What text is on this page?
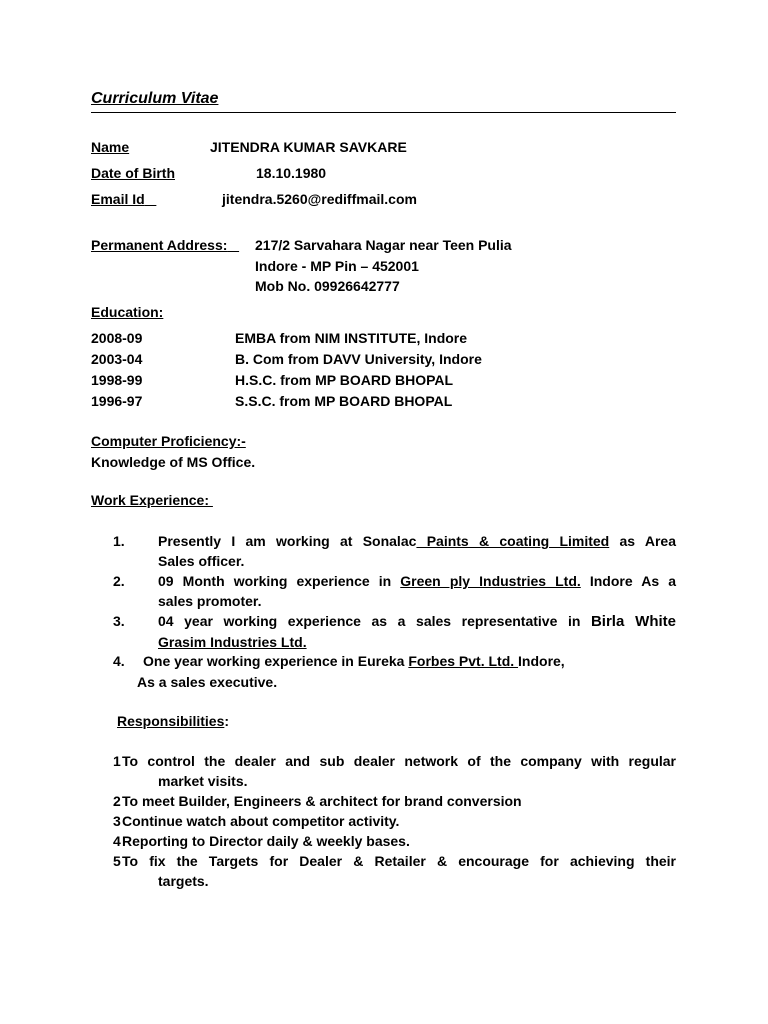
Curriculum Vitae
Name	JITENDRA KUMAR SAVKARE
Date of Birth	18.10.1980
Email Id	jitendra.5260@rediffmail.com
Permanent Address:	217/2 Sarvahara Nagar near Teen Pulia
Indore - MP Pin – 452001
Mob No. 09926642777
Education:
2008-09	EMBA from NIM INSTITUTE, Indore
2003-04	B. Com from DAVV University, Indore
1998-99	H.S.C. from MP BOARD BHOPAL
1996-97	S.S.C. from MP BOARD BHOPAL
Computer Proficiency:-
Knowledge of MS Office.
Work Experience:
1. Presently I am working at Sonalac Paints & coating Limited as Area
Sales officer.
2. 09 Month working experience in Green ply Industries Ltd. Indore As a
sales promoter.
3. 04 year working experience as a sales representative in Birla White
Grasim Industries Ltd.
4. One year working experience in Eureka Forbes Pvt. Ltd. Indore,
As a sales executive.
Responsibilities:
1 To control the dealer and sub dealer network of the company with regular
market visits.
2 To meet Builder, Engineers & architect for brand conversion
3 Continue watch about competitor activity.
4 Reporting to Director daily & weekly bases.
5 To fix the Targets for Dealer & Retailer & encourage for achieving their
targets.
